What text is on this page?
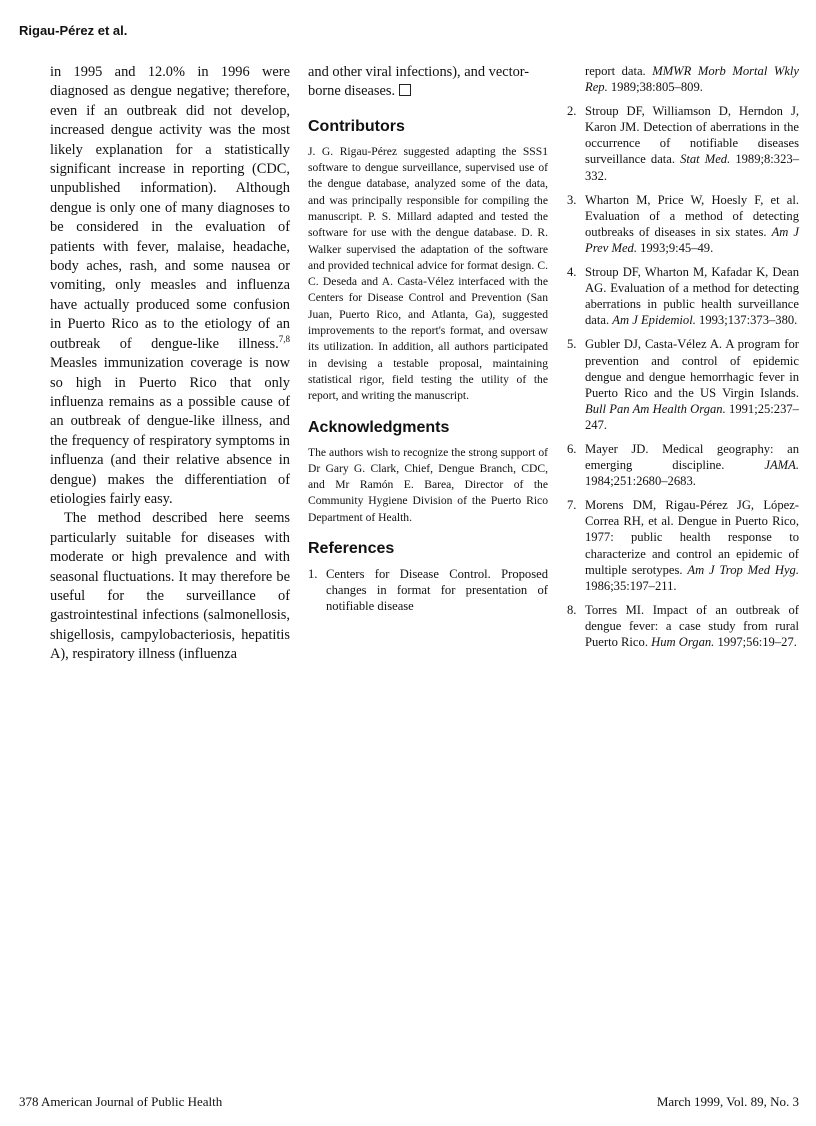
Rigau-Pérez et al.

in 1995 and 12.0% in 1996 were diagnosed as dengue negative; therefore, even if an outbreak did not develop, increased dengue activity was the most likely explanation for a statistically significant increase in reporting (CDC, unpublished information). Although dengue is only one of many diagnoses to be considered in the evaluation of patients with fever, malaise, headache, body aches, rash, and some nausea or vomiting, only measles and influenza have actually produced some confusion in Puerto Rico as to the etiology of an outbreak of dengue-like illness.$^{7,8}$ Measles immunization coverage is now so high in Puerto Rico that only influenza remains as a possible cause of an outbreak of dengue-like illness, and the frequency of respiratory symptoms in influenza (and their relative absence in dengue) makes the differentiation of etiologies fairly easy.

The method described here seems particularly suitable for diseases with moderate or high prevalence and with seasonal fluctuations. It may therefore be useful for the surveillance of gastrointestinal infections (salmonellosis, shigellosis, campylobacteriosis, hepatitis A), respiratory illness (influenza

and other viral infections), and vector-borne diseases.

Contributors

J. G. Rigau-Pérez suggested adapting the SSS1 software to dengue surveillance, supervised use of the dengue database, analyzed some of the data, and was principally responsible for compiling the manuscript. P. S. Millard adapted and tested the software for use with the dengue database. D. R. Walker supervised the adaptation of the software and provided technical advice for format design. C. C. Deseda and A. Casta-Vélez interfaced with the Centers for Disease Control and Prevention (San Juan, Puerto Rico, and Atlanta, Ga), suggested improvements to the report's format, and oversaw its utilization. In addition, all authors participated in devising a testable proposal, maintaining statistical rigor, field testing the utility of the report, and writing the manuscript.

Acknowledgments

The authors wish to recognize the strong support of Dr Gary G. Clark, Chief, Dengue Branch, CDC, and Mr Ramón E. Barea, Director of the Community Hygiene Division of the Puerto Rico Department of Health.

References
1. Centers for Disease Control. Proposed changes in format for presentation of notifiable disease
report data. MMWR Morb Mortal Wkly Rep. 1989;38:805–809.
2. Stroup DF, Williamson D, Herndon J, Karon JM. Detection of aberrations in the occurrence of notifiable diseases surveillance data. Stat Med. 1989;8:323–332.
3. Wharton M, Price W, Hoesly F, et al. Evaluation of a method of detecting outbreaks of diseases in six states. Am J Prev Med. 1993;9:45–49.
4. Stroup DF, Wharton M, Kafadar K, Dean AG. Evaluation of a method for detecting aberrations in public health surveillance data. Am J Epidemiol. 1993;137:373–380.
5. Gubler DJ, Casta-Vélez A. A program for prevention and control of epidemic dengue and dengue hemorrhagic fever in Puerto Rico and the US Virgin Islands. Bull Pan Am Health Organ. 1991;25:237–247.
6. Mayer JD. Medical geography: an emerging discipline. JAMA. 1984;251:2680–2683.
7. Morens DM, Rigau-Pérez JG, López-Correa RH, et al. Dengue in Puerto Rico, 1977: public health response to characterize and control an epidemic of multiple serotypes. Am J Trop Med Hyg. 1986;35:197–211.
8. Torres MI. Impact of an outbreak of dengue fever: a case study from rural Puerto Rico. Hum Organ. 1997;56:19–27.
378 American Journal of Public Health	March 1999, Vol. 89, No. 3
